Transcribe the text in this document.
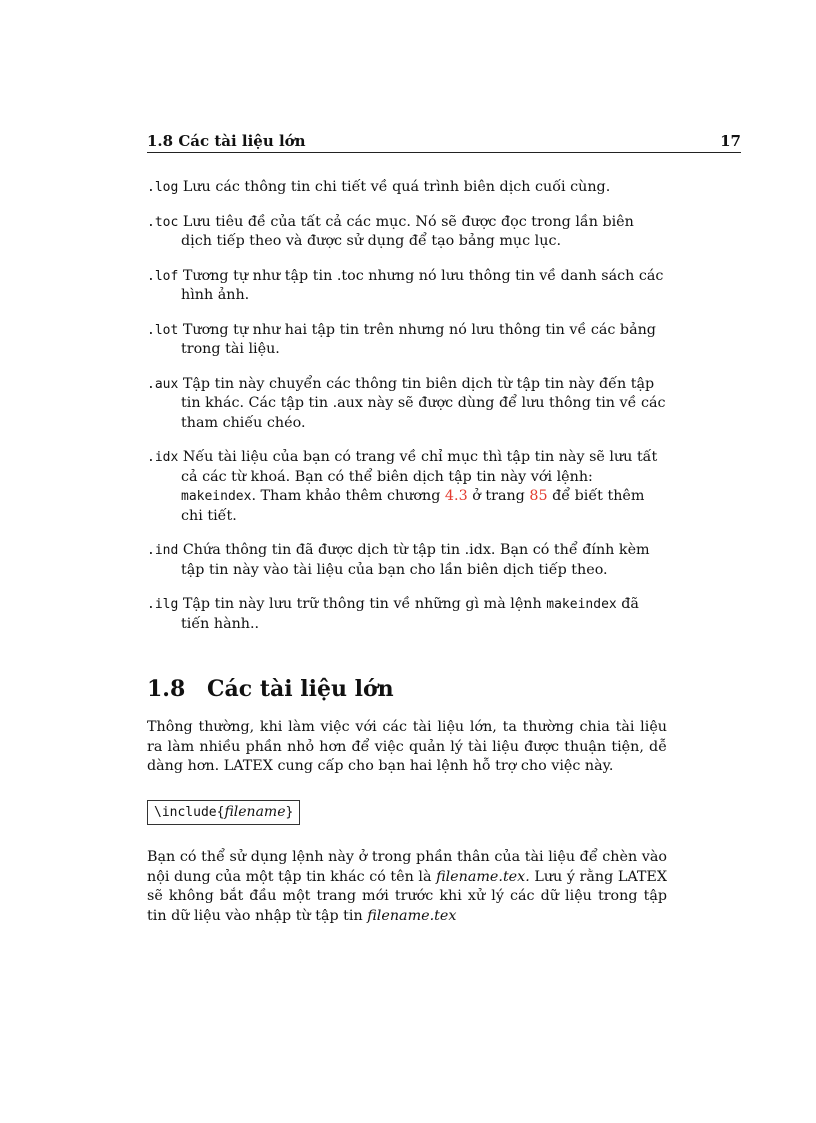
1.8 Các tài liệu lớn	17
.log Lưu các thông tin chi tiết về quá trình biên dịch cuối cùng.
.toc Lưu tiêu đề của tất cả các mục. Nó sẽ được đọc trong lần biên dịch tiếp theo và được sử dụng để tạo bảng mục lục.
.lof Tương tự như tập tin .toc nhưng nó lưu thông tin về danh sách các hình ảnh.
.lot Tương tự như hai tập tin trên nhưng nó lưu thông tin về các bảng trong tài liệu.
.aux Tập tin này chuyển các thông tin biên dịch từ tập tin này đến tập tin khác. Các tập tin .aux này sẽ được dùng để lưu thông tin về các tham chiếu chéo.
.idx Nếu tài liệu của bạn có trang về chỉ mục thì tập tin này sẽ lưu tất cả các từ khoá. Bạn có thể biên dịch tập tin này với lệnh:
makeindex. Tham khảo thêm chương 4.3 ở trang 85 để biết thêm chi tiết.
.ind Chứa thông tin đã được dịch từ tập tin .idx. Bạn có thể đính kèm tập tin này vào tài liệu của bạn cho lần biên dịch tiếp theo.
.ilg Tập tin này lưu trữ thông tin về những gì mà lệnh makeindex đã tiến hành..
1.8 Các tài liệu lớn
Thông thường, khi làm việc với các tài liệu lớn, ta thường chia tài liệu ra làm nhiều phần nhỏ hơn để việc quản lý tài liệu được thuận tiện, dễ dàng hơn. LATEX cung cấp cho bạn hai lệnh hỗ trợ cho việc này.
\include{filename}
Bạn có thể sử dụng lệnh này ở trong phần thân của tài liệu để chèn vào nội dung của một tập tin khác có tên là filename.tex. Lưu ý rằng LATEX sẽ không bắt đầu một trang mới trước khi xử lý các dữ liệu trong tập tin dữ liệu vào nhập từ tập tin filename.tex
